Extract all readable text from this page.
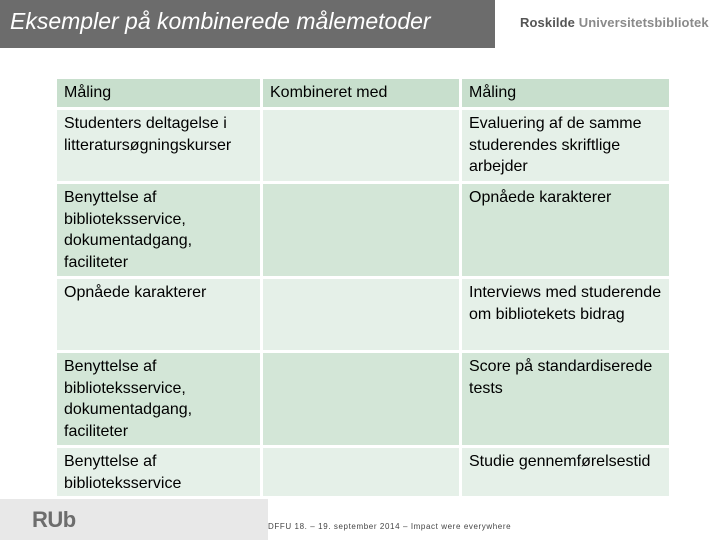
Eksempler på kombinerede målemetoder	Roskilde Universitetsbibliotek
Måling	Kombineret med	Måling
Studenters deltagelse i litteratursøgningskurser		Evaluering af de samme studerendes skriftlige arbejder
Benyttelse af biblioteksservice, dokumentadgang, faciliteter		Opnåede karakterer
Opnåede karakterer		Interviews med studerende om bibliotekets bidrag
Benyttelse af biblioteksservice, dokumentadgang, faciliteter		Score på standardiserede tests
Benyttelse af biblioteksservice		Studie gennemførelsestid
RUb	DFFU 18. – 19. september 2014 – Impact were everywhere
